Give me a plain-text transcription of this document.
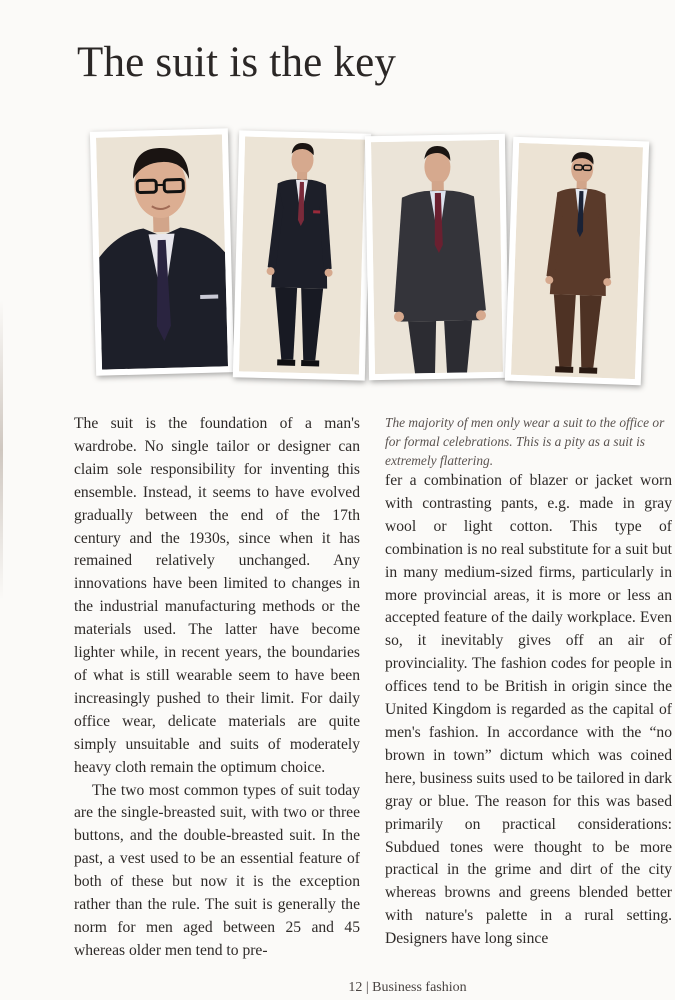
The suit is the key

The suit is the foundation of a man's wardrobe. No single tailor or designer can claim sole responsibility for inventing this ensemble. Instead, it seems to have evolved gradually between the end of the 17th century and the 1930s, since when it has remained relatively unchanged. Any innovations have been limited to changes in the industrial manufacturing methods or the materials used. The latter have become lighter while, in recent years, the boundaries of what is still wearable seem to have been increasingly pushed to their limit. For daily office wear, delicate materials are quite simply unsuitable and suits of moderately heavy cloth remain the optimum choice.

The two most common types of suit today are the single-breasted suit, with two or three buttons, and the double-breasted suit. In the past, a vest used to be an essential feature of both of these but now it is the exception rather than the rule. The suit is generally the norm for men aged between 25 and 45 whereas older men tend to pre-

The majority of men only wear a suit to the office or for formal celebrations. This is a pity as a suit is extremely flattering.

fer a combination of blazer or jacket worn with contrasting pants, e.g. made in gray wool or light cotton. This type of combination is no real substitute for a suit but in many medium-sized firms, particularly in more provincial areas, it is more or less an accepted feature of the daily workplace. Even so, it inevitably gives off an air of provinciality. The fashion codes for people in offices tend to be British in origin since the United Kingdom is regarded as the capital of men's fashion. In accordance with the “no brown in town” dictum which was coined here, business suits used to be tailored in dark gray or blue. The reason for this was based primarily on practical considerations: Subdued tones were thought to be more practical in the grime and dirt of the city whereas browns and greens blended better with nature's palette in a rural setting. Designers have long since

12 | Business fashion
